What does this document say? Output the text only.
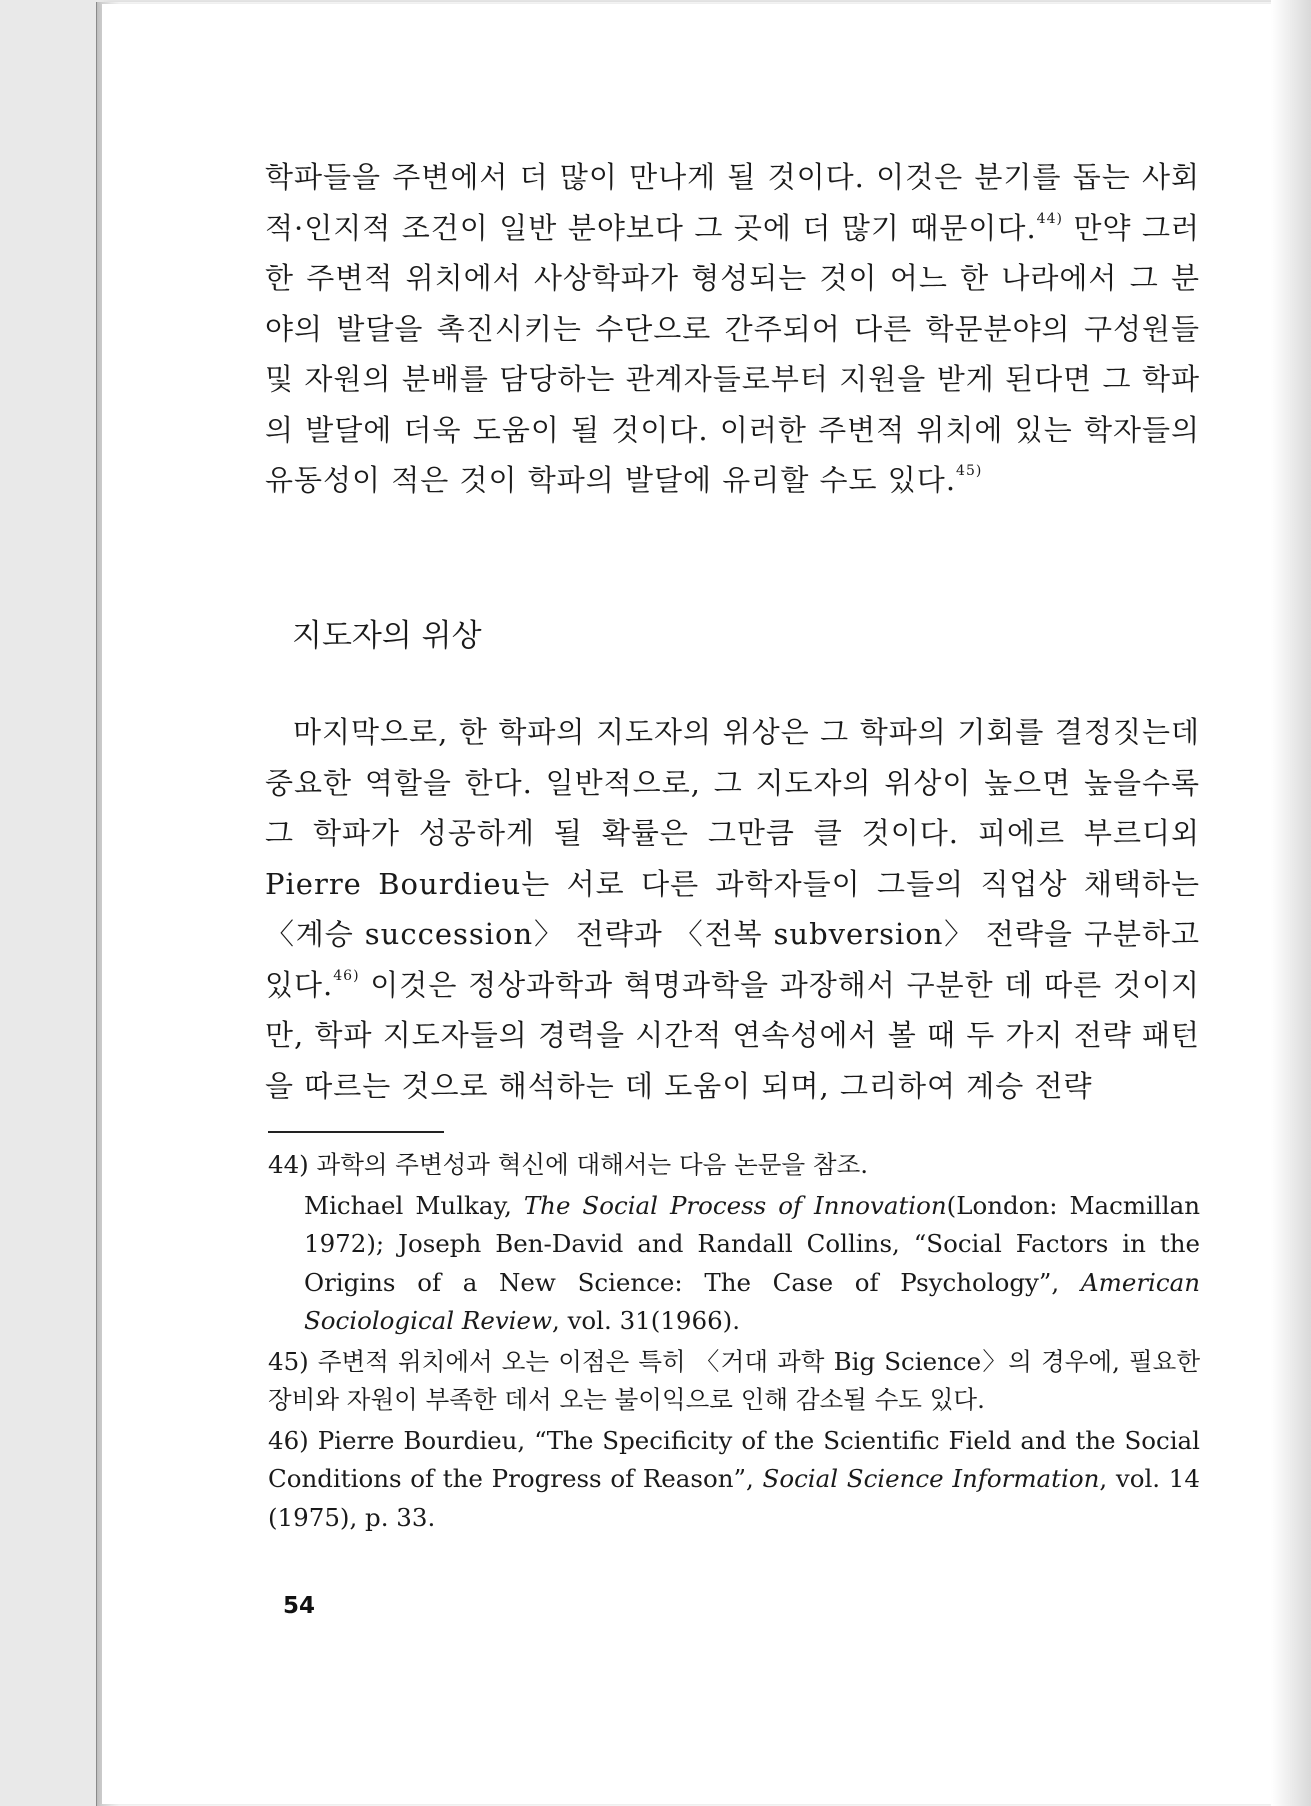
학파들을 주변에서 더 많이 만나게 될 것이다. 이것은 분기를 돕는 사회적·인지적 조건이 일반 분야보다 그 곳에 더 많기 때문이다.$^{44)}$ 만약 그러한 주변적 위치에서 사상학파가 형성되는 것이 어느 한 나라에서 그 분야의 발달을 촉진시키는 수단으로 간주되어 다른 학문분야의 구성원들 및 자원의 분배를 담당하는 관계자들로부터 지원을 받게 된다면 그 학파의 발달에 더욱 도움이 될 것이다. 이러한 주변적 위치에 있는 학자들의 유동성이 적은 것이 학파의 발달에 유리할 수도 있다.$^{45)}$

지도자의 위상

마지막으로, 한 학파의 지도자의 위상은 그 학파의 기회를 결정짓는데 중요한 역할을 한다. 일반적으로, 그 지도자의 위상이 높으면 높을수록 그 학파가 성공하게 될 확률은 그만큼 클 것이다. 피에르 부르디외 Pierre Bourdieu는 서로 다른 과학자들이 그들의 직업상 채택하는 〈계승 succession〉 전략과 〈전복 subversion〉 전략을 구분하고 있다.$^{46)}$ 이것은 정상과학과 혁명과학을 과장해서 구분한 데 따른 것이지만, 학파 지도자들의 경력을 시간적 연속성에서 볼 때 두 가지 전략 패턴을 따르는 것으로 해석하는 데 도움이 되며, 그리하여 계승 전략

44) 과학의 주변성과 혁신에 대해서는 다음 논문을 참조.

Michael Mulkay, The Social Process of Innovation(London: Macmillan 1972); Joseph Ben-David and Randall Collins, “Social Factors in the Origins of a New Science: The Case of Psychology”, American Sociological Review, vol. 31(1966).

45) 주변적 위치에서 오는 이점은 특히 〈거대 과학 Big Science〉의 경우에, 필요한 장비와 자원이 부족한 데서 오는 불이익으로 인해 감소될 수도 있다.

46) Pierre Bourdieu, “The Specificity of the Scientific Field and the Social Conditions of the Progress of Reason”, Social Science Information, vol. 14 (1975), p. 33.

54
